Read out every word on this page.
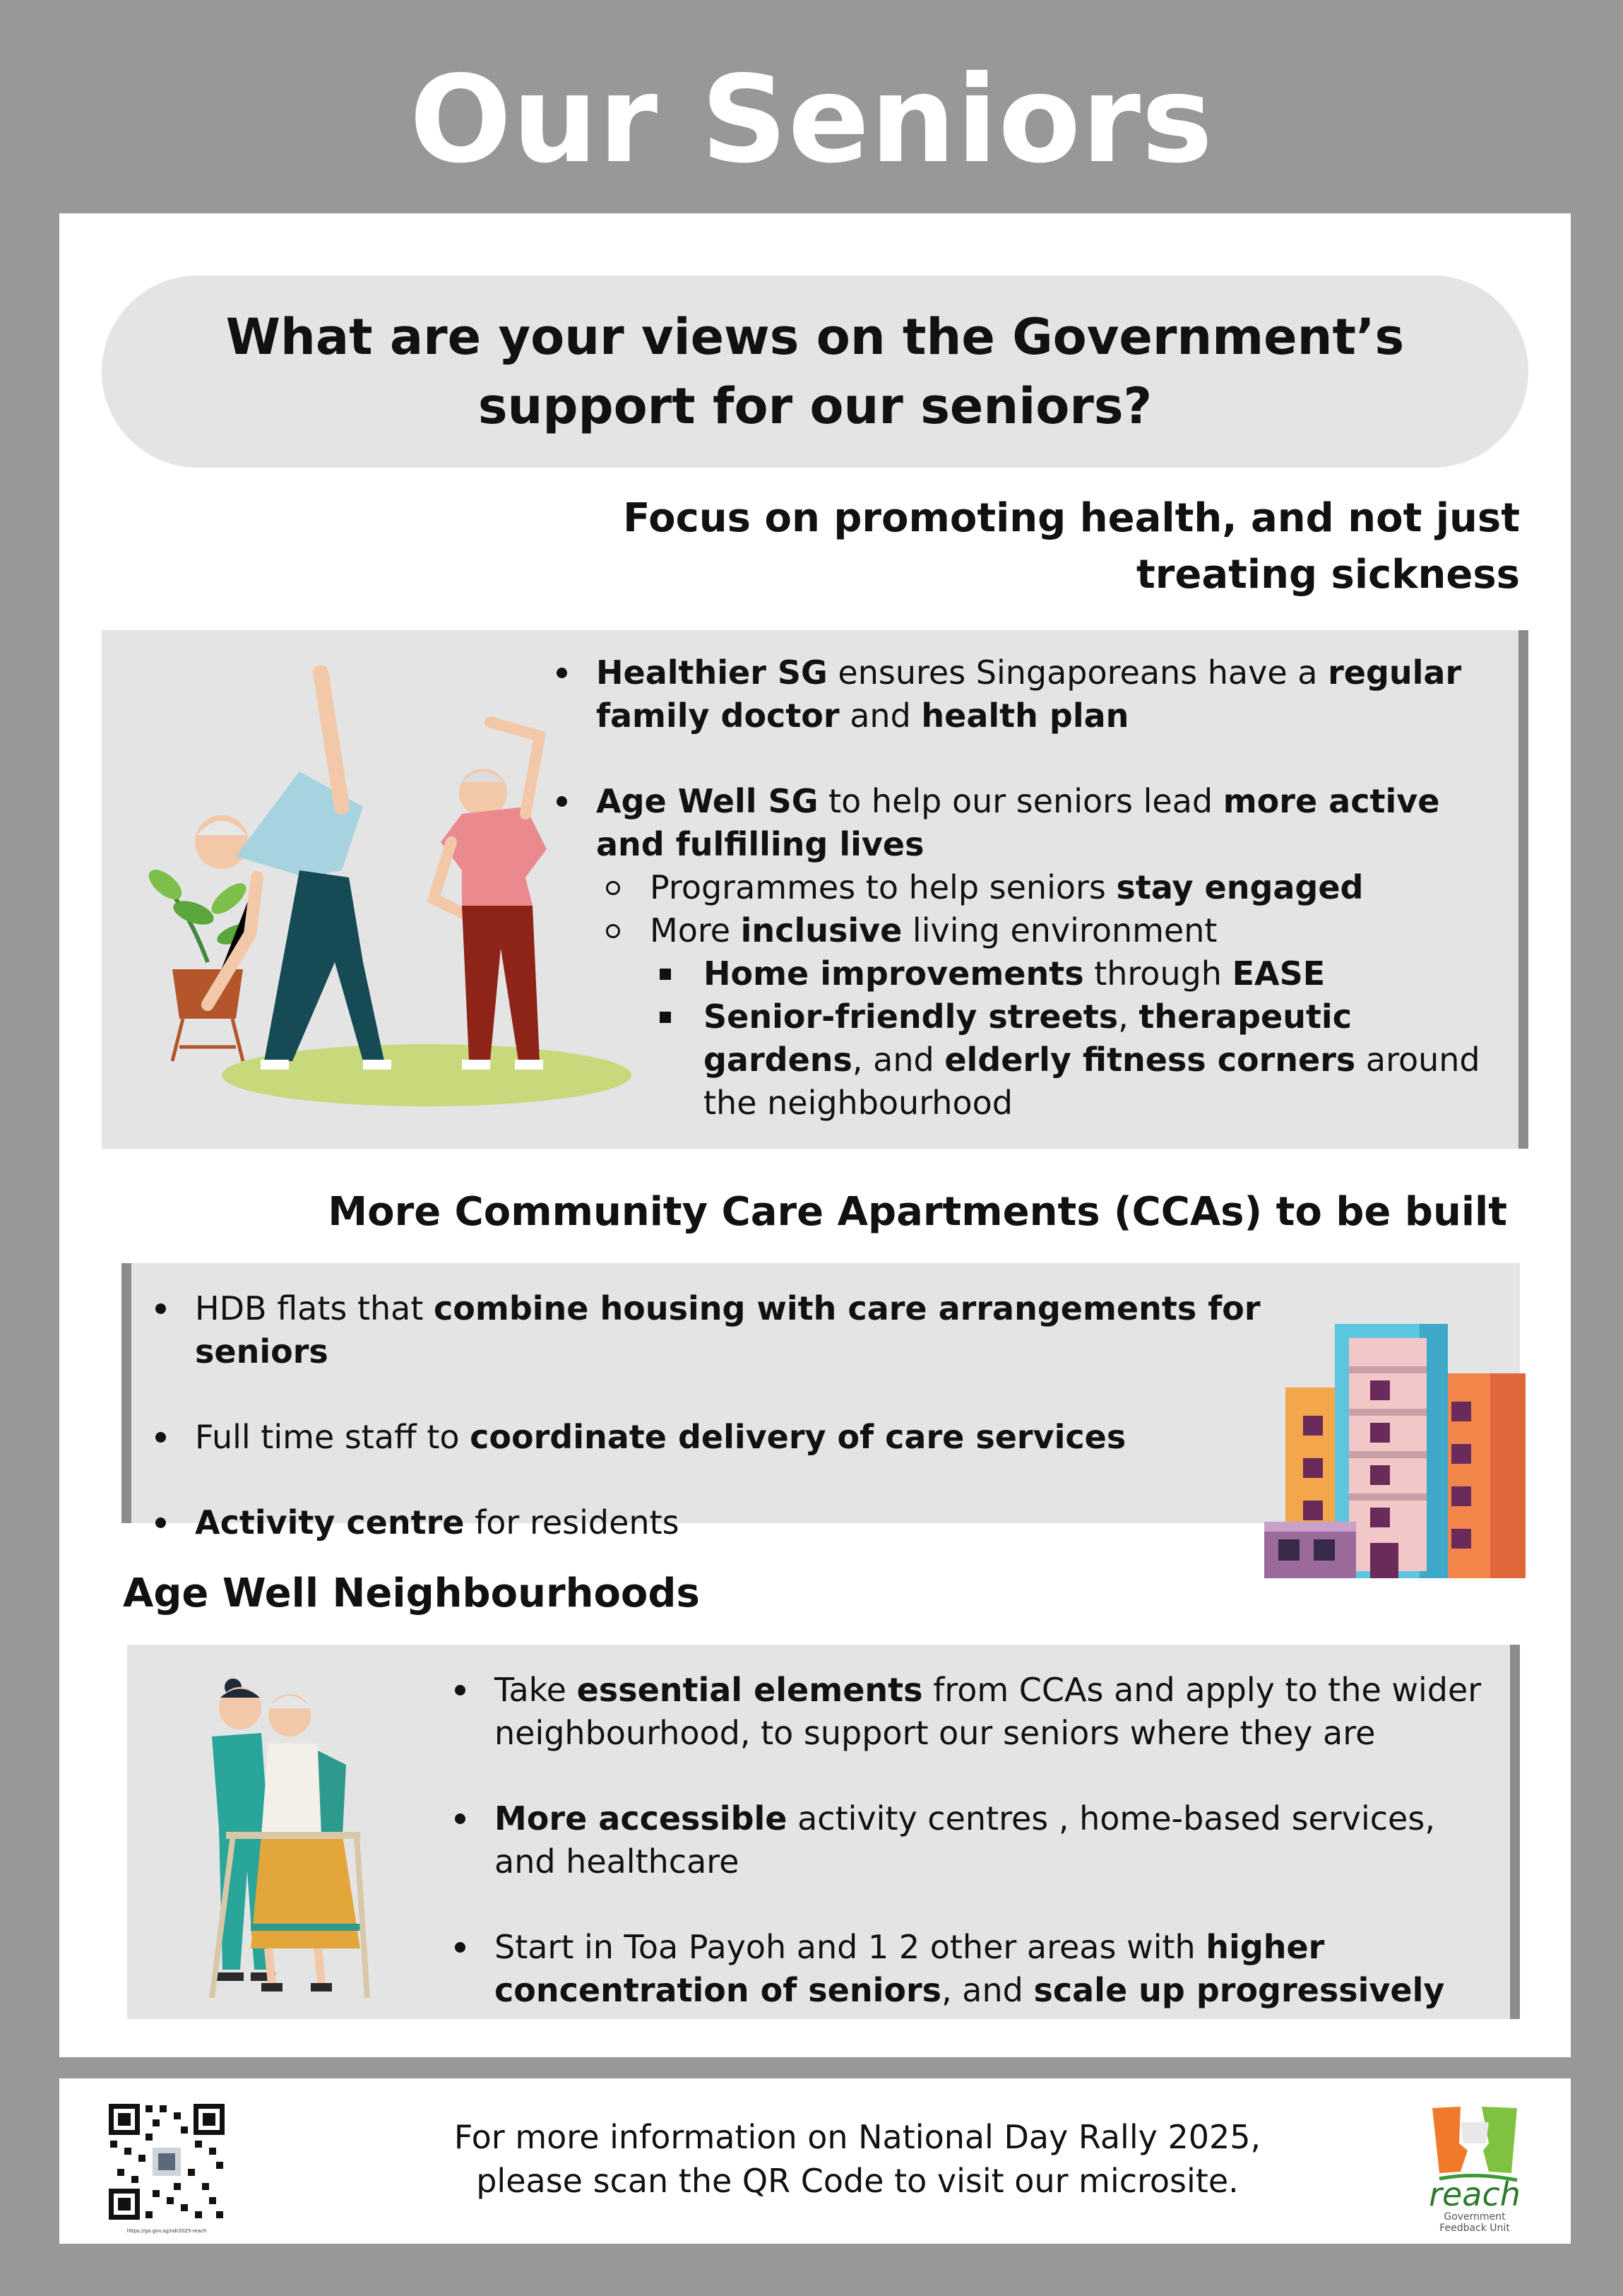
Our Seniors
What are your views on the Government’s support for our seniors?
Focus on promoting health, and not just
treating sickness
Healthier SG ensures Singaporeans have a regular family doctor and health plan
Age Well SG to help our seniors lead more active and fulfilling lives
Programmes to help seniors stay engaged
More inclusive living environment
Home improvements through EASE
Senior-friendly streets, therapeutic gardens, and elderly fitness corners around the neighbourhood
More Community Care Apartments (CCAs) to be built
HDB flats that combine housing with care arrangements for seniors
Full time staff to coordinate delivery of care services
Activity centre for residents
Age Well Neighbourhoods
Take essential elements from CCAs and apply to the wider neighbourhood, to support our seniors where they are
More accessible activity centres , home-based services, and healthcare
Start in Toa Payoh and 1 2 other areas with higher concentration of seniors, and scale up progressively
https://go.gov.sg/ndr2025-reach
For more information on National Day Rally 2025,
please scan the QR Code to visit our microsite.	reach
Government
Feedback Unit
